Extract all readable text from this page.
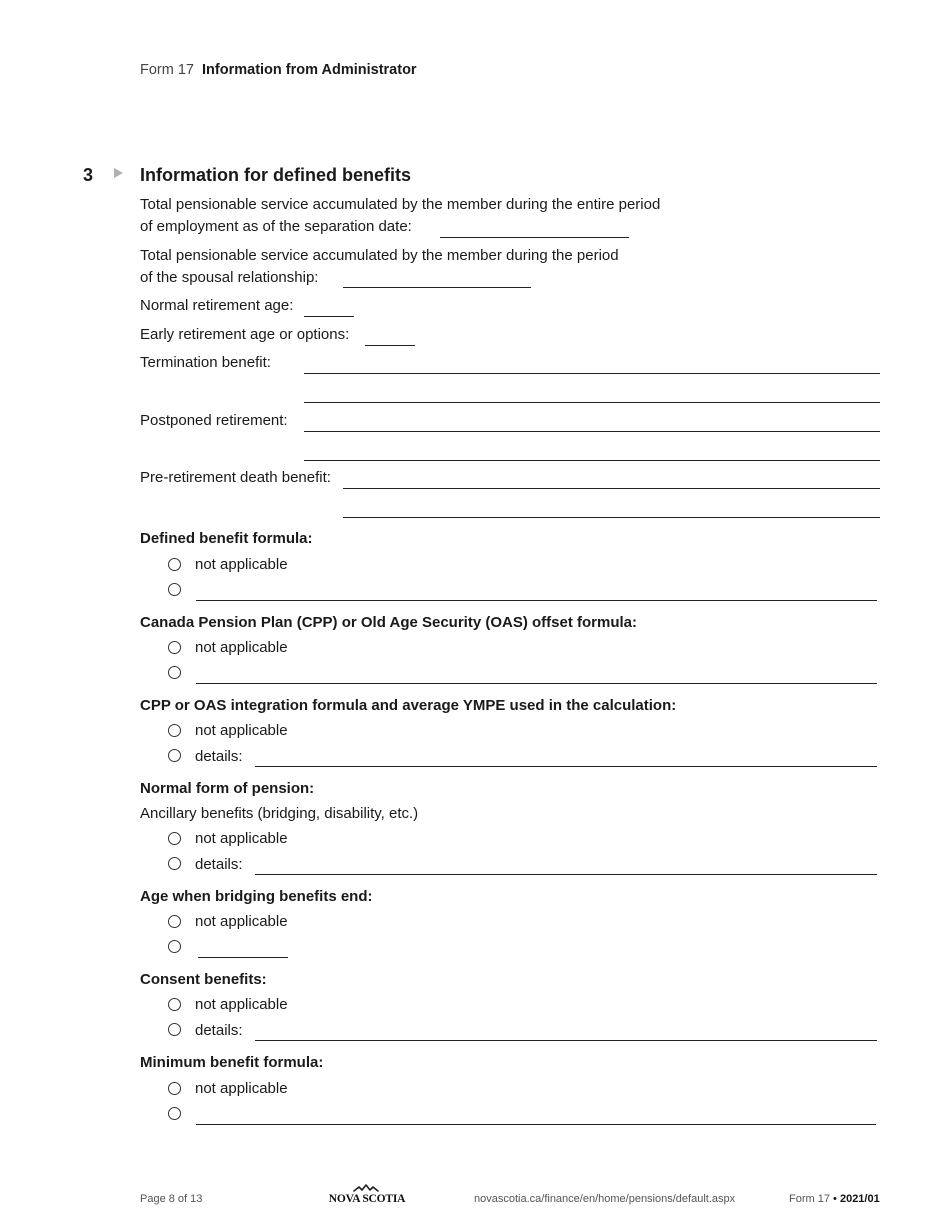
Form 17 Information from Administrator
3	Information for defined benefits
Total pensionable service accumulated by the member during the entire period
of employment as of the separation date:
Total pensionable service accumulated by the member during the period
of the spousal relationship:
Normal retirement age:
Early retirement age or options:
Termination benefit:
Postponed retirement:
Pre-retirement death benefit:
Defined benefit formula:
not applicable
Canada Pension Plan (CPP) or Old Age Security (OAS) offset formula:
not applicable
CPP or OAS integration formula and average YMPE used in the calculation:
not applicable
details:
Normal form of pension:
Ancillary benefits (bridging, disability, etc.)
not applicable
details:
Age when bridging benefits end:
not applicable
Consent benefits:
not applicable
details:
Minimum benefit formula:
not applicable
Page 8 of 13	NOVA SCOTIA	novascotia.ca/finance/en/home/pensions/default.aspx	Form 17 • 2021/01
